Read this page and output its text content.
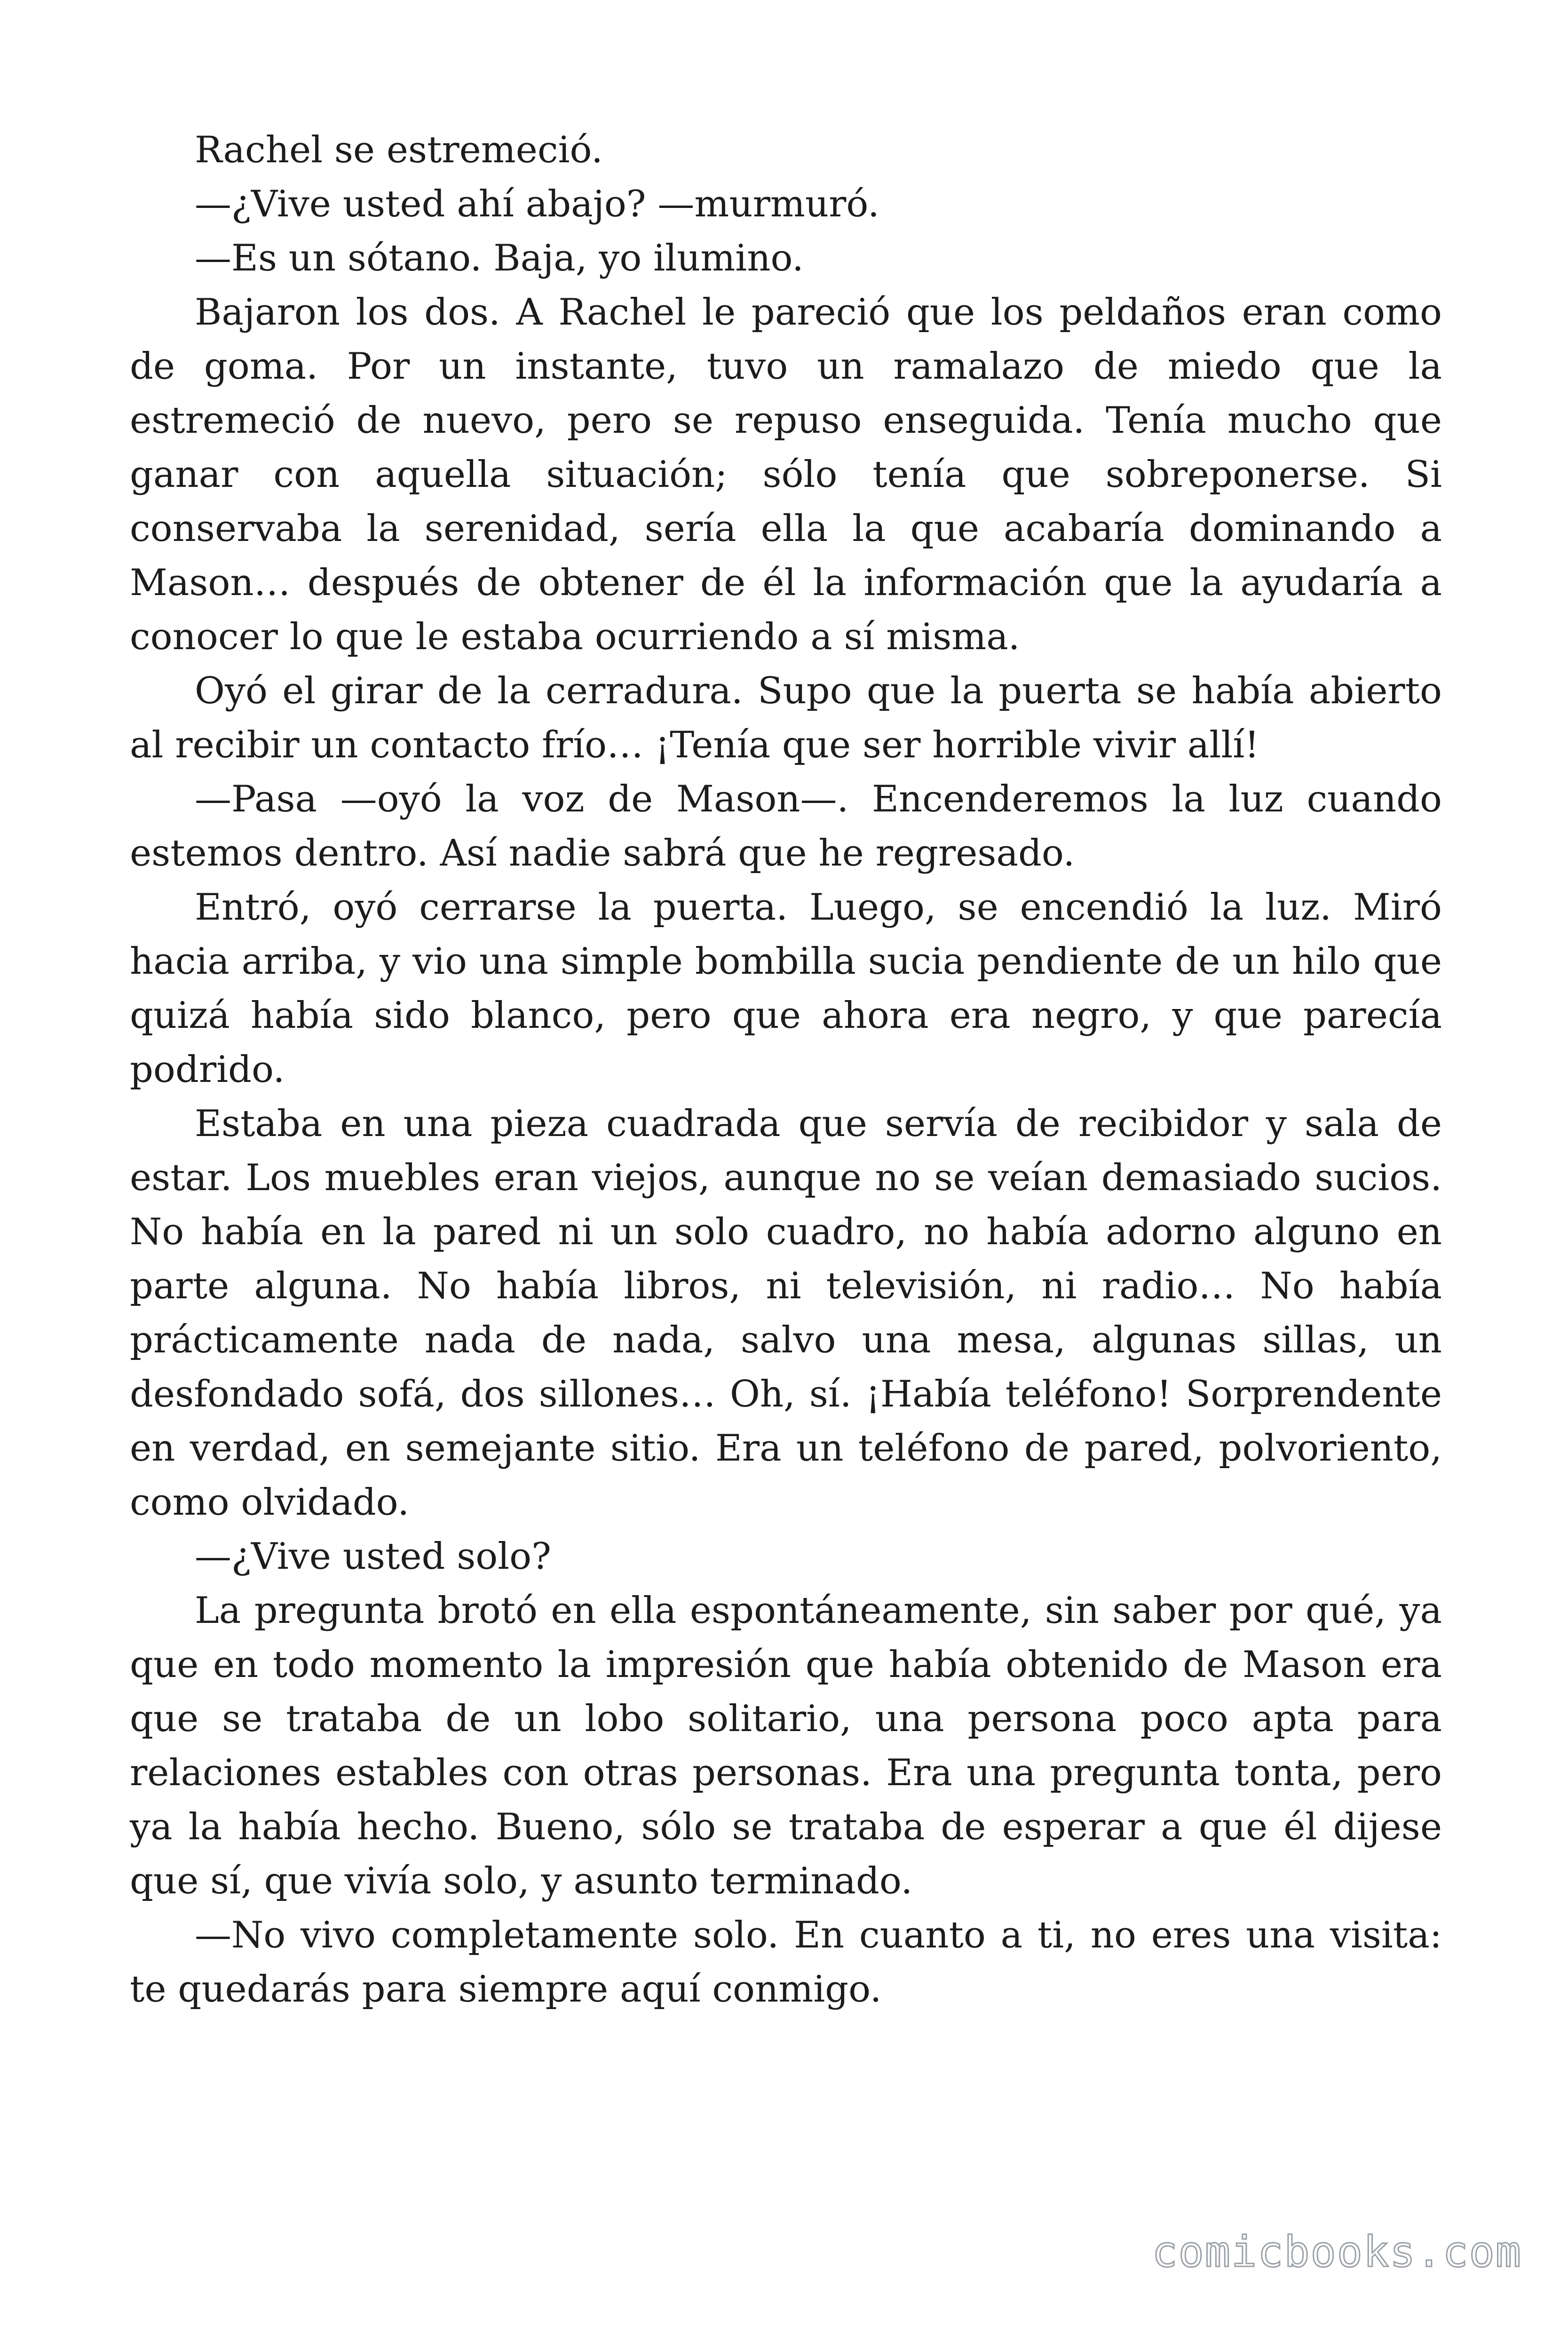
Rachel se estremeció.

—¿Vive usted ahí abajo? —murmuró.

—Es un sótano. Baja, yo ilumino.

Bajaron los dos. A Rachel le pareció que los peldaños eran como de goma. Por un instante, tuvo un ramalazo de miedo que la estremeció de nuevo, pero se repuso enseguida. Tenía mucho que ganar con aquella situación; sólo tenía que sobreponerse. Si conservaba la serenidad, sería ella la que acabaría dominando a Mason… después de obtener de él la información que la ayudaría a conocer lo que le estaba ocurriendo a sí misma.

Oyó el girar de la cerradura. Supo que la puerta se había abierto al recibir un contacto frío… ¡Tenía que ser horrible vivir allí!

—Pasa —oyó la voz de Mason—. Encenderemos la luz cuando estemos dentro. Así nadie sabrá que he regresado.

Entró, oyó cerrarse la puerta. Luego, se encendió la luz. Miró hacia arriba, y vio una simple bombilla sucia pendiente de un hilo que quizá había sido blanco, pero que ahora era negro, y que parecía podrido.

Estaba en una pieza cuadrada que servía de recibidor y sala de estar. Los muebles eran viejos, aunque no se veían demasiado sucios. No había en la pared ni un solo cuadro, no había adorno alguno en parte alguna. No había libros, ni televisión, ni radio… No había prácticamente nada de nada, salvo una mesa, algunas sillas, un desfondado sofá, dos sillones… Oh, sí. ¡Había teléfono! Sorprendente en verdad, en semejante sitio. Era un teléfono de pared, polvoriento, como olvidado.

—¿Vive usted solo?

La pregunta brotó en ella espontáneamente, sin saber por qué, ya que en todo momento la impresión que había obtenido de Mason era que se trataba de un lobo solitario, una persona poco apta para relaciones estables con otras personas. Era una pregunta tonta, pero ya la había hecho. Bueno, sólo se trataba de esperar a que él dijese que sí, que vivía solo, y asunto terminado.

—No vivo completamente solo. En cuanto a ti, no eres una visita: te quedarás para siempre aquí conmigo.

comicbooks.com
